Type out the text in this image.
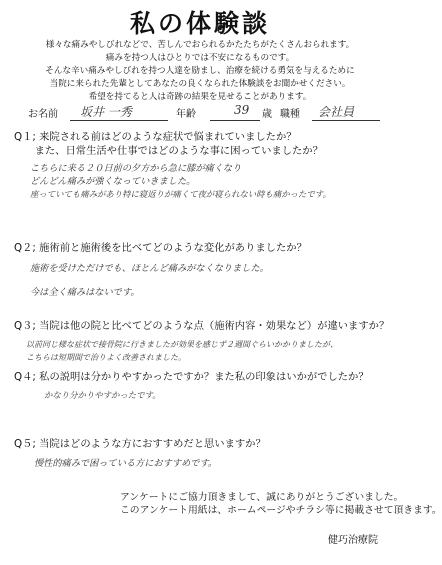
私の体験談
様々な痛みやしびれなどで、苦しんでおられるかたたちがたくさんおられます。
痛みを持つ人はひとりでは不安になるものです。
そんな辛い痛みやしびれを持つ人達を励まし、治療を続ける勇気を与えるために
当院に来られた先輩としてあなたの良くなられた体験談をお聞かせください。
希望を持てると人は奇跡の結果を見せることがあります。
お名前 坂井 一秀	年齢	39 歳 職種 会社員
Q１; 来院される前はどのような症状で悩まれていましたか？
　　また、日常生活や仕事ではどのような事に困っていましたか？
こちらに来る２０日前の夕方から急に膝が痛くなり
どんどん痛みが強くなっていきました。
座っていても痛みがあり特に寝返りが痛くて夜が寝られない時も痛かったです。
Q２; 施術前と施術後を比べてどのような変化がありましたか？
施術を受けただけでも、ほとんど痛みがなくなりました。
今は全く痛みはないです。
Q３; 当院は他の院と比べてどのような点（施術内容・効果など）が違いますか？
以前同じ様な症状で接骨院に行きましたが効果を感じず２週間ぐらいかかりましたが、
こちらは短期間で治りよく改善されました。
Q４; 私の説明は分かりやすかったですか？また私の印象はいかがでしたか？
かなり分かりやすかったです。
Q５; 当院はどのような方におすすめだと思いますか？
慢性的痛みで困っている方におすすめです。
アンケートにご協力頂きまして、誠にありがとうございました。
このアンケート用紙は、ホームページやチラシ等に掲載させて頂きます。
健巧治療院
